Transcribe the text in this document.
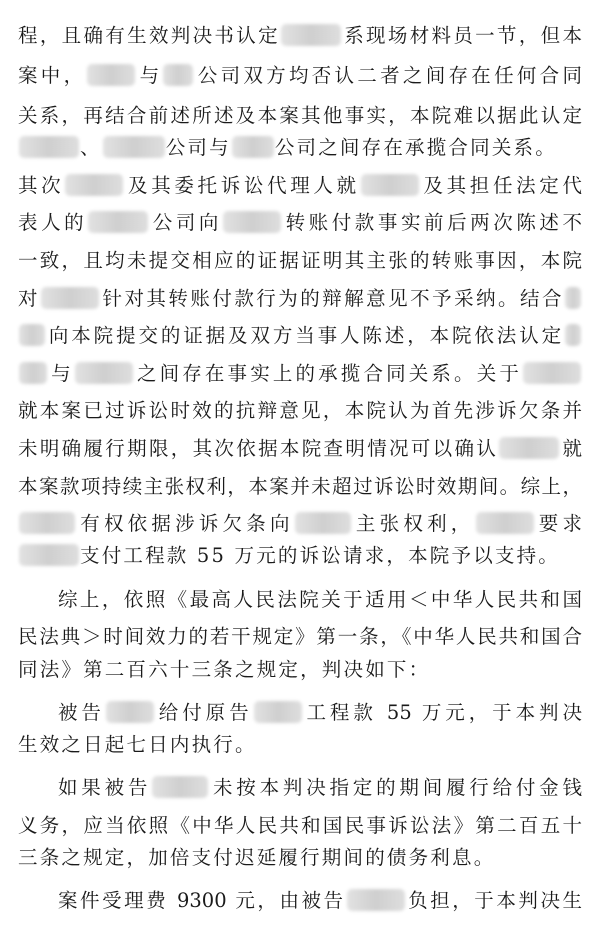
程，且确有生效判决书认定	系现场材料员一节，但本
案中，	与 公司双方均否认二者之间存在任何合同
关系，再结合前述所述及本案其他事实，本院难以据此认定
、	公司与 公司之间存在承揽合同关系。
其次	及其委托诉讼代理人就	及其担任法定代
表人的	公司向	转账付款事实前后两次陈述不
一致，且均未提交相应的证据证明其主张的转账事因，本院
对	针对其转账付款行为的辩解意见不予采纳。结合
向本院提交的证据及双方当事人陈述，本院依法认定
与	之间存在事实上的承揽合同关系。关于
就本案已过诉讼时效的抗辩意见，本院认为首先涉诉欠条并
未明确履行期限，其次依据本院查明情况可以确认	就
本案款项持续主张权利，本案并未超过诉讼时效期间。综上，
有权依据涉诉欠条向	主张权利，	要求
支付工程款 55 万元的诉讼请求，本院予以支持。
综上，依照《最高人民法院关于适用＜中华人民共和国
民法典＞时间效力的若干规定》第一条，《中华人民共和国合
同法》第二百六十三条之规定，判决如下：
被告	给付原告	工程款 55 万元，于本判决
生效之日起七日内执行。
如果被告	未按本判决指定的期间履行给付金钱
义务，应当依照《中华人民共和国民事诉讼法》第二百五十
三条之规定，加倍支付迟延履行期间的债务利息。
案件受理费 9300 元，由被告	负担，于本判决生
